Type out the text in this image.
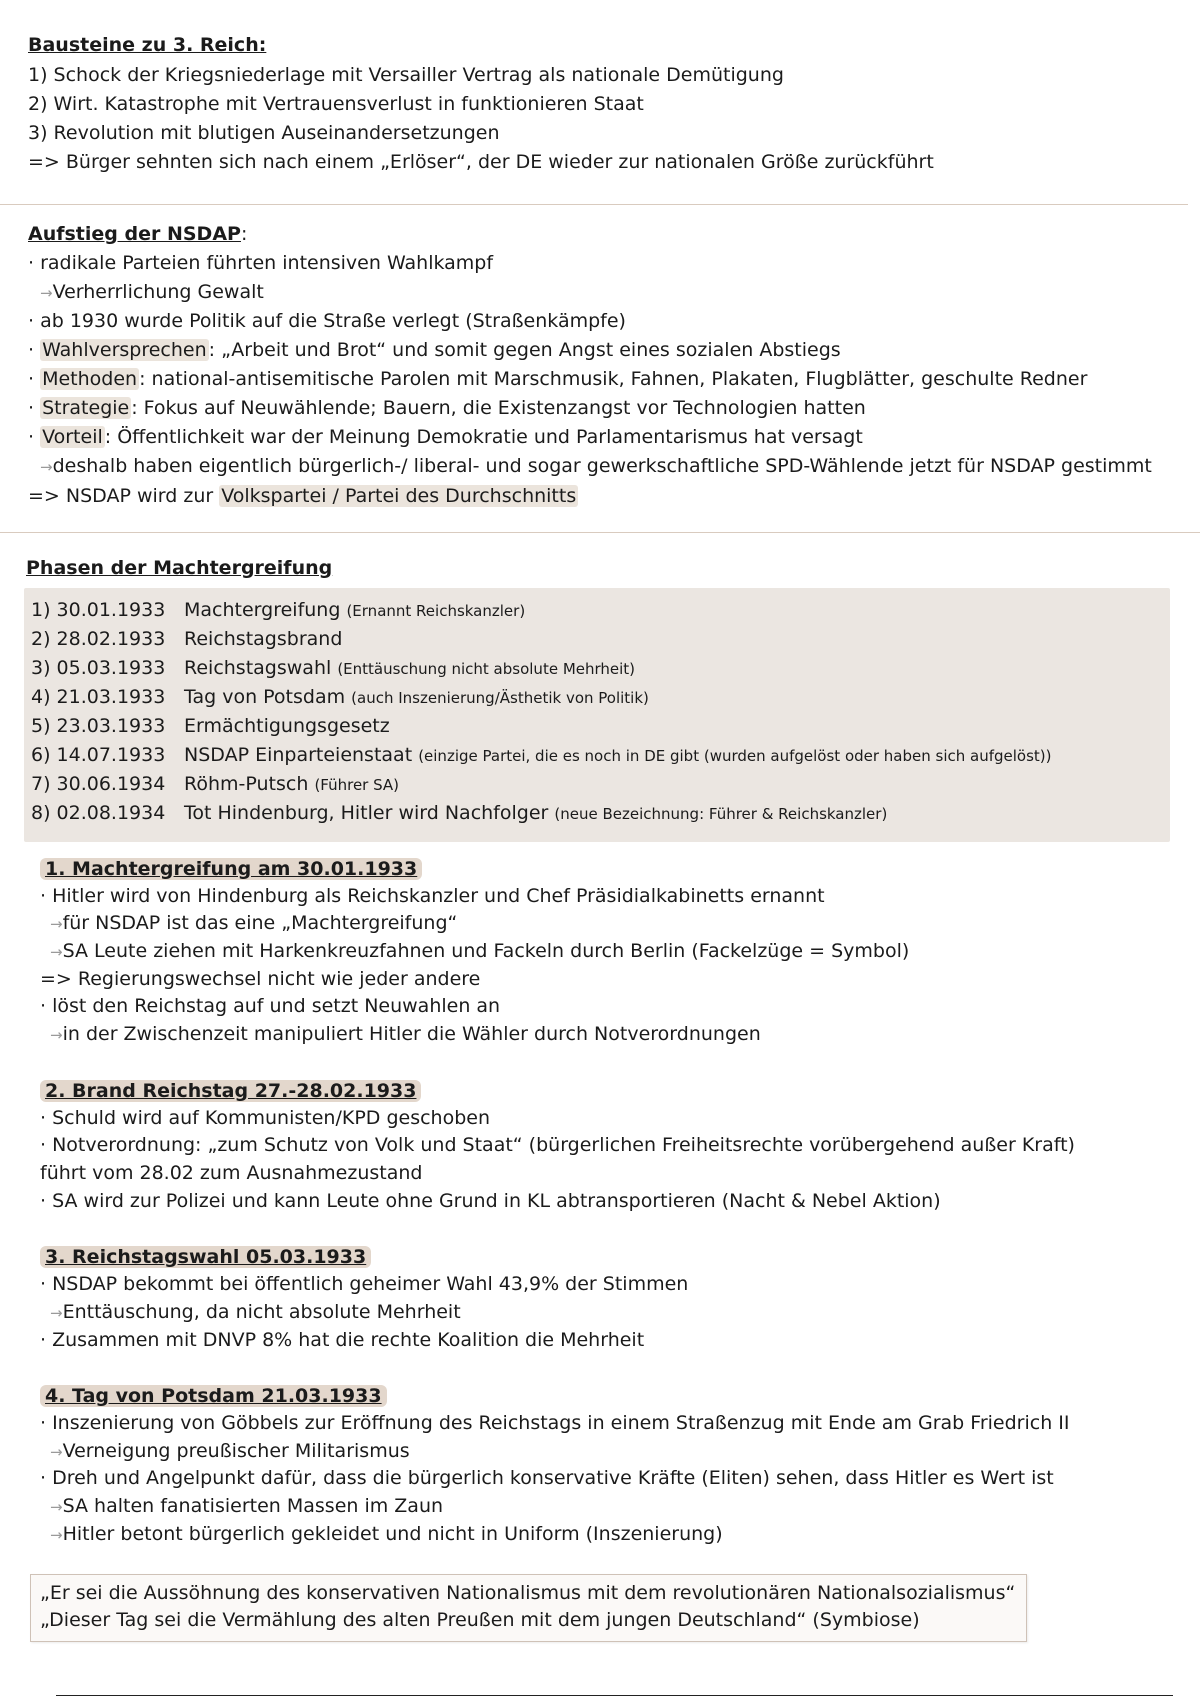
Bausteine zu 3. Reich:
1) Schock der Kriegsniederlage mit Versailler Vertrag als nationale Demütigung
2) Wirt. Katastrophe mit Vertrauensverlust in funktionieren Staat
3) Revolution mit blutigen Auseinandersetzungen
=> Bürger sehnten sich nach einem „Erlöser“, der DE wieder zur nationalen Größe zurückführt
Aufstieg der NSDAP:
· radikale Parteien führten intensiven Wahlkampf
→Verherrlichung Gewalt
· ab 1930 wurde Politik auf die Straße verlegt (Straßenkämpfe)
· Wahlversprechen : „Arbeit und Brot“ und somit gegen Angst eines sozialen Abstiegs
· Methoden : national-antisemitische Parolen mit Marschmusik, Fahnen, Plakaten, Flugblätter, geschulte Redner
· Strategie : Fokus auf Neuwählende; Bauern, die Existenzangst vor Technologien hatten
· Vorteil : Öffentlichkeit war der Meinung Demokratie und Parlamentarismus hat versagt
→deshalb haben eigentlich bürgerlich-/ liberal- und sogar gewerkschaftliche SPD-Wählende jetzt für NSDAP gestimmt
=> NSDAP wird zur Volkspartei / Partei des Durchschnitts
Phasen der Machtergreifung
1) 30.01.1933 Machtergreifung (Ernannt Reichskanzler)
2) 28.02.1933 Reichstagsbrand
3) 05.03.1933 Reichstagswahl (Enttäuschung nicht absolute Mehrheit)
4) 21.03.1933 Tag von Potsdam (auch Inszenierung/Ästhetik von Politik)
5) 23.03.1933 Ermächtigungsgesetz
6) 14.07.1933 NSDAP Einparteienstaat (einzige Partei, die es noch in DE gibt (wurden aufgelöst oder haben sich aufgelöst))
7) 30.06.1934 Röhm-Putsch (Führer SA)
8) 02.08.1934 Tot Hindenburg, Hitler wird Nachfolger (neue Bezeichnung: Führer & Reichskanzler)
1. Machtergreifung am 30.01.1933
· Hitler wird von Hindenburg als Reichskanzler und Chef Präsidialkabinetts ernannt
→für NSDAP ist das eine „Machtergreifung“
→SA Leute ziehen mit Harkenkreuzfahnen und Fackeln durch Berlin (Fackelzüge = Symbol)
=> Regierungswechsel nicht wie jeder andere
· löst den Reichstag auf und setzt Neuwahlen an
→in der Zwischenzeit manipuliert Hitler die Wähler durch Notverordnungen
2. Brand Reichstag 27.-28.02.1933
· Schuld wird auf Kommunisten/KPD geschoben
· Notverordnung: „zum Schutz von Volk und Staat“ (bürgerlichen Freiheitsrechte vorübergehend außer Kraft)
führt vom 28.02 zum Ausnahmezustand
· SA wird zur Polizei und kann Leute ohne Grund in KL abtransportieren (Nacht & Nebel Aktion)
3. Reichstagswahl 05.03.1933
· NSDAP bekommt bei öffentlich geheimer Wahl 43,9% der Stimmen
→Enttäuschung, da nicht absolute Mehrheit
· Zusammen mit DNVP 8% hat die rechte Koalition die Mehrheit
4. Tag von Potsdam 21.03.1933
· Inszenierung von Göbbels zur Eröffnung des Reichstags in einem Straßenzug mit Ende am Grab Friedrich II
→Verneigung preußischer Militarismus
· Dreh und Angelpunkt dafür, dass die bürgerlich konservative Kräfte (Eliten) sehen, dass Hitler es Wert ist
→SA halten fanatisierten Massen im Zaun
→Hitler betont bürgerlich gekleidet und nicht in Uniform (Inszenierung)
„Er sei die Aussöhnung des konservativen Nationalismus mit dem revolutionären Nationalsozialismus“
„Dieser Tag sei die Vermählung des alten Preußen mit dem jungen Deutschland“ (Symbiose)
